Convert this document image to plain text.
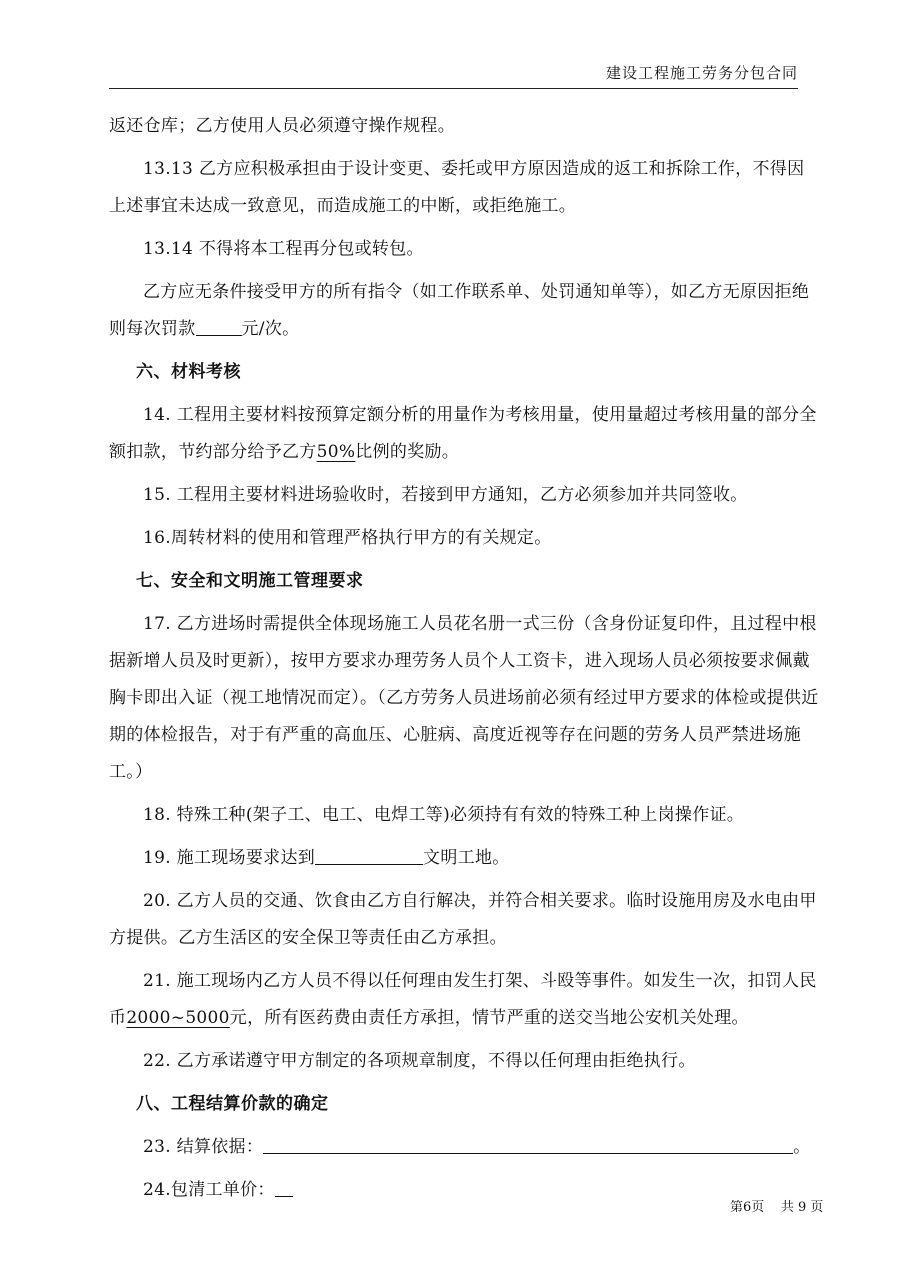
建设工程施工劳务分包合同

返还仓库；乙方使用人员必须遵守操作规程。

13.13 乙方应积极承担由于设计变更、委托或甲方原因造成的返工和拆除工作，不得因上述事宜未达成一致意见，而造成施工的中断，或拒绝施工。

13.14 不得将本工程再分包或转包。

乙方应无条件接受甲方的所有指令（如工作联系单、处罚通知单等），如乙方无原因拒绝则每次罚款	元/次。

六、材料考核

14. 工程用主要材料按预算定额分析的用量作为考核用量，使用量超过考核用量的部分全额扣款，节约部分给予乙方50%比例的奖励。

15. 工程用主要材料进场验收时，若接到甲方通知，乙方必须参加并共同签收。

16.周转材料的使用和管理严格执行甲方的有关规定。

七、安全和文明施工管理要求

17. 乙方进场时需提供全体现场施工人员花名册一式三份（含身份证复印件，且过程中根据新增人员及时更新），按甲方要求办理劳务人员个人工资卡，进入现场人员必须按要求佩戴胸卡即出入证（视工地情况而定）。（乙方劳务人员进场前必须有经过甲方要求的体检或提供近期的体检报告，对于有严重的高血压、心脏病、高度近视等存在问题的劳务人员严禁进场施工。）

18. 特殊工种(架子工、电工、电焊工等)必须持有有效的特殊工种上岗操作证。

19. 施工现场要求达到	文明工地。

20. 乙方人员的交通、饮食由乙方自行解决，并符合相关要求。临时设施用房及水电由甲方提供。乙方生活区的安全保卫等责任由乙方承担。

21. 施工现场内乙方人员不得以任何理由发生打架、斗殴等事件。如发生一次，扣罚人民币2000~5000元，所有医药费由责任方承担，情节严重的送交当地公安机关处理。

22. 乙方承诺遵守甲方制定的各项规章制度，不得以任何理由拒绝执行。

八、工程结算价款的确定

23. 结算依据：	。

24.包清工单价：

第6页 共 9 页
